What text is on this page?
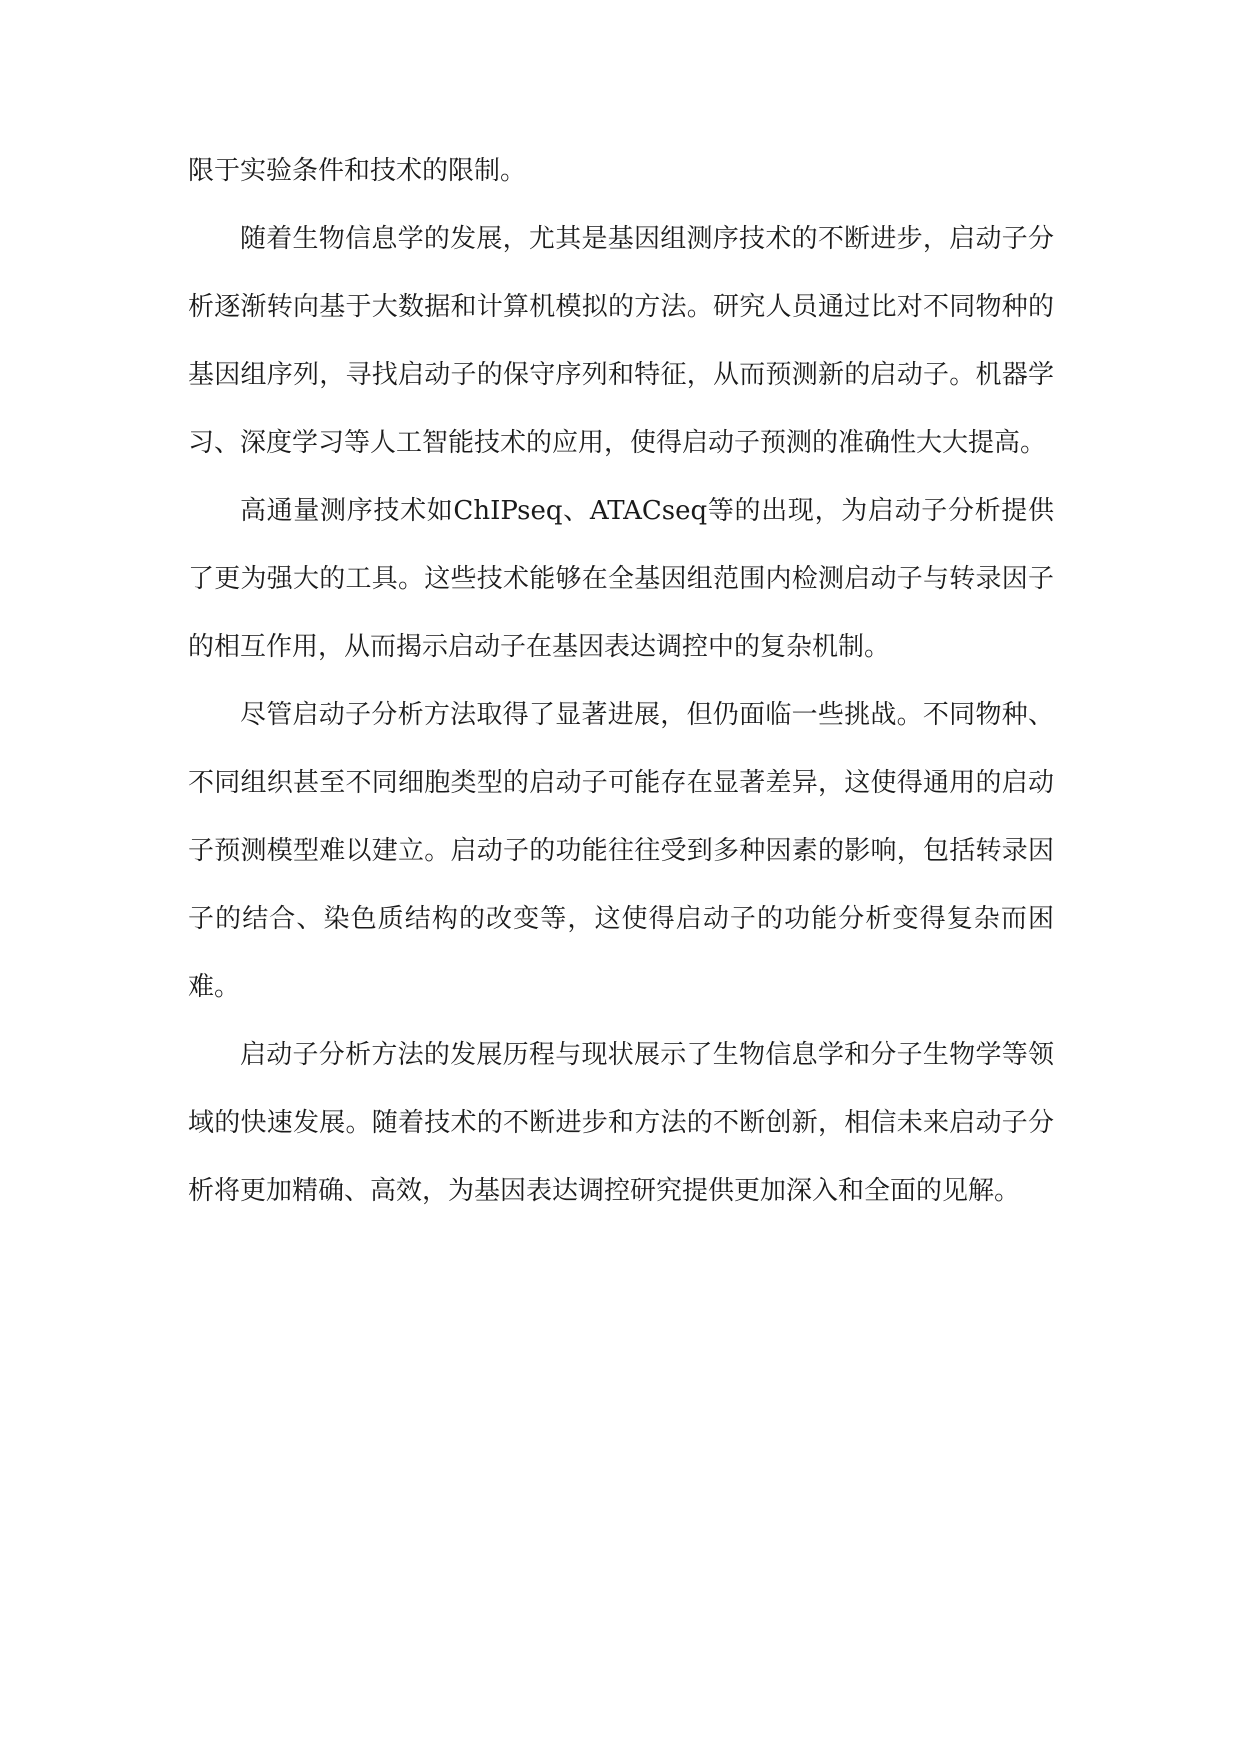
限于实验条件和技术的限制。

随着生物信息学的发展，尤其是基因组测序技术的不断进步，启动子分析逐渐转向基于大数据和计算机模拟的方法。研究人员通过比对不同物种的基因组序列，寻找启动子的保守序列和特征，从而预测新的启动子。机器学习、深度学习等人工智能技术的应用，使得启动子预测的准确性大大提高。

高通量测序技术如ChIPseq、ATACseq等的出现，为启动子分析提供了更为强大的工具。这些技术能够在全基因组范围内检测启动子与转录因子的相互作用，从而揭示启动子在基因表达调控中的复杂机制。

尽管启动子分析方法取得了显著进展，但仍面临一些挑战。不同物种、不同组织甚至不同细胞类型的启动子可能存在显著差异，这使得通用的启动子预测模型难以建立。启动子的功能往往受到多种因素的影响，包括转录因子的结合、染色质结构的改变等，这使得启动子的功能分析变得复杂而困难。

启动子分析方法的发展历程与现状展示了生物信息学和分子生物学等领域的快速发展。随着技术的不断进步和方法的不断创新，相信未来启动子分析将更加精确、高效，为基因表达调控研究提供更加深入和全面的见解。
